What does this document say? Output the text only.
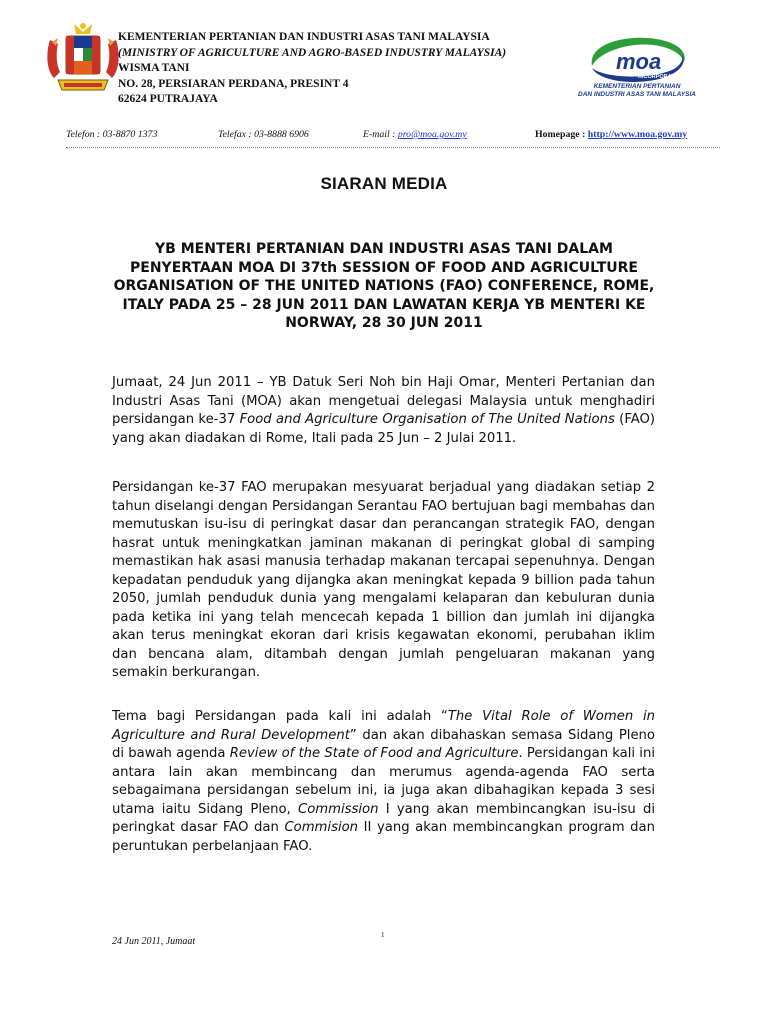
KEMENTERIAN PERTANIAN DAN INDUSTRI ASAS TANI MALAYSIA
(MINISTRY OF AGRICULTURE AND AGRO-BASED INDUSTRY MALAYSIA)
WISMA TANI
NO. 28, PERSIARAN PERDANA, PRESINT 4
62624 PUTRAJAYA
moa
INCORPORATED
KEMENTERIAN PERTANIAN
DAN INDUSTRI ASAS TANI MALAYSIA
Telefon : 03-8870 1373	Telefax : 03-8888 6906	E-mail : pro@moa.gov.my	Homepage : http://www.moa.gov.my
SIARAN MEDIA
YB MENTERI PERTANIAN DAN INDUSTRI ASAS TANI DALAM PENYERTAAN MOA DI 37th SESSION OF FOOD AND AGRICULTURE ORGANISATION OF THE UNITED NATIONS (FAO) CONFERENCE, ROME, ITALY PADA 25 – 28 JUN 2011 DAN LAWATAN KERJA YB MENTERI KE NORWAY, 28 30 JUN 2011
Jumaat, 24 Jun 2011 – YB Datuk Seri Noh bin Haji Omar, Menteri Pertanian dan Industri Asas Tani (MOA) akan mengetuai delegasi Malaysia untuk menghadiri persidangan ke-37 Food and Agriculture Organisation of The United Nations (FAO) yang akan diadakan di Rome, Itali pada 25 Jun – 2 Julai 2011.
Persidangan ke-37 FAO merupakan mesyuarat berjadual yang diadakan setiap 2 tahun diselangi dengan Persidangan Serantau FAO bertujuan bagi membahas dan memutuskan isu-isu di peringkat dasar dan perancangan strategik FAO, dengan hasrat untuk meningkatkan jaminan makanan di peringkat global di samping memastikan hak asasi manusia terhadap makanan tercapai sepenuhnya. Dengan kepadatan penduduk yang dijangka akan meningkat kepada 9 billion pada tahun 2050, jumlah penduduk dunia yang mengalami kelaparan dan kebuluran dunia pada ketika ini yang telah mencecah kepada 1 billion dan jumlah ini dijangka akan terus meningkat ekoran dari krisis kegawatan ekonomi, perubahan iklim dan bencana alam, ditambah dengan jumlah pengeluaran makanan yang semakin berkurangan.
Tema bagi Persidangan pada kali ini adalah “The Vital Role of Women in Agriculture and Rural Development” dan akan dibahaskan semasa Sidang Pleno di bawah agenda Review of the State of Food and Agriculture. Persidangan kali ini antara lain akan membincang dan merumus agenda-agenda FAO serta sebagaimana persidangan sebelum ini, ia juga akan dibahagikan kepada 3 sesi utama iaitu Sidang Pleno, Commission I yang akan membincangkan isu-isu di peringkat dasar FAO dan Commision II yang akan membincangkan program dan peruntukan perbelanjaan FAO.
24 Jun 2011, Jumaat
1
